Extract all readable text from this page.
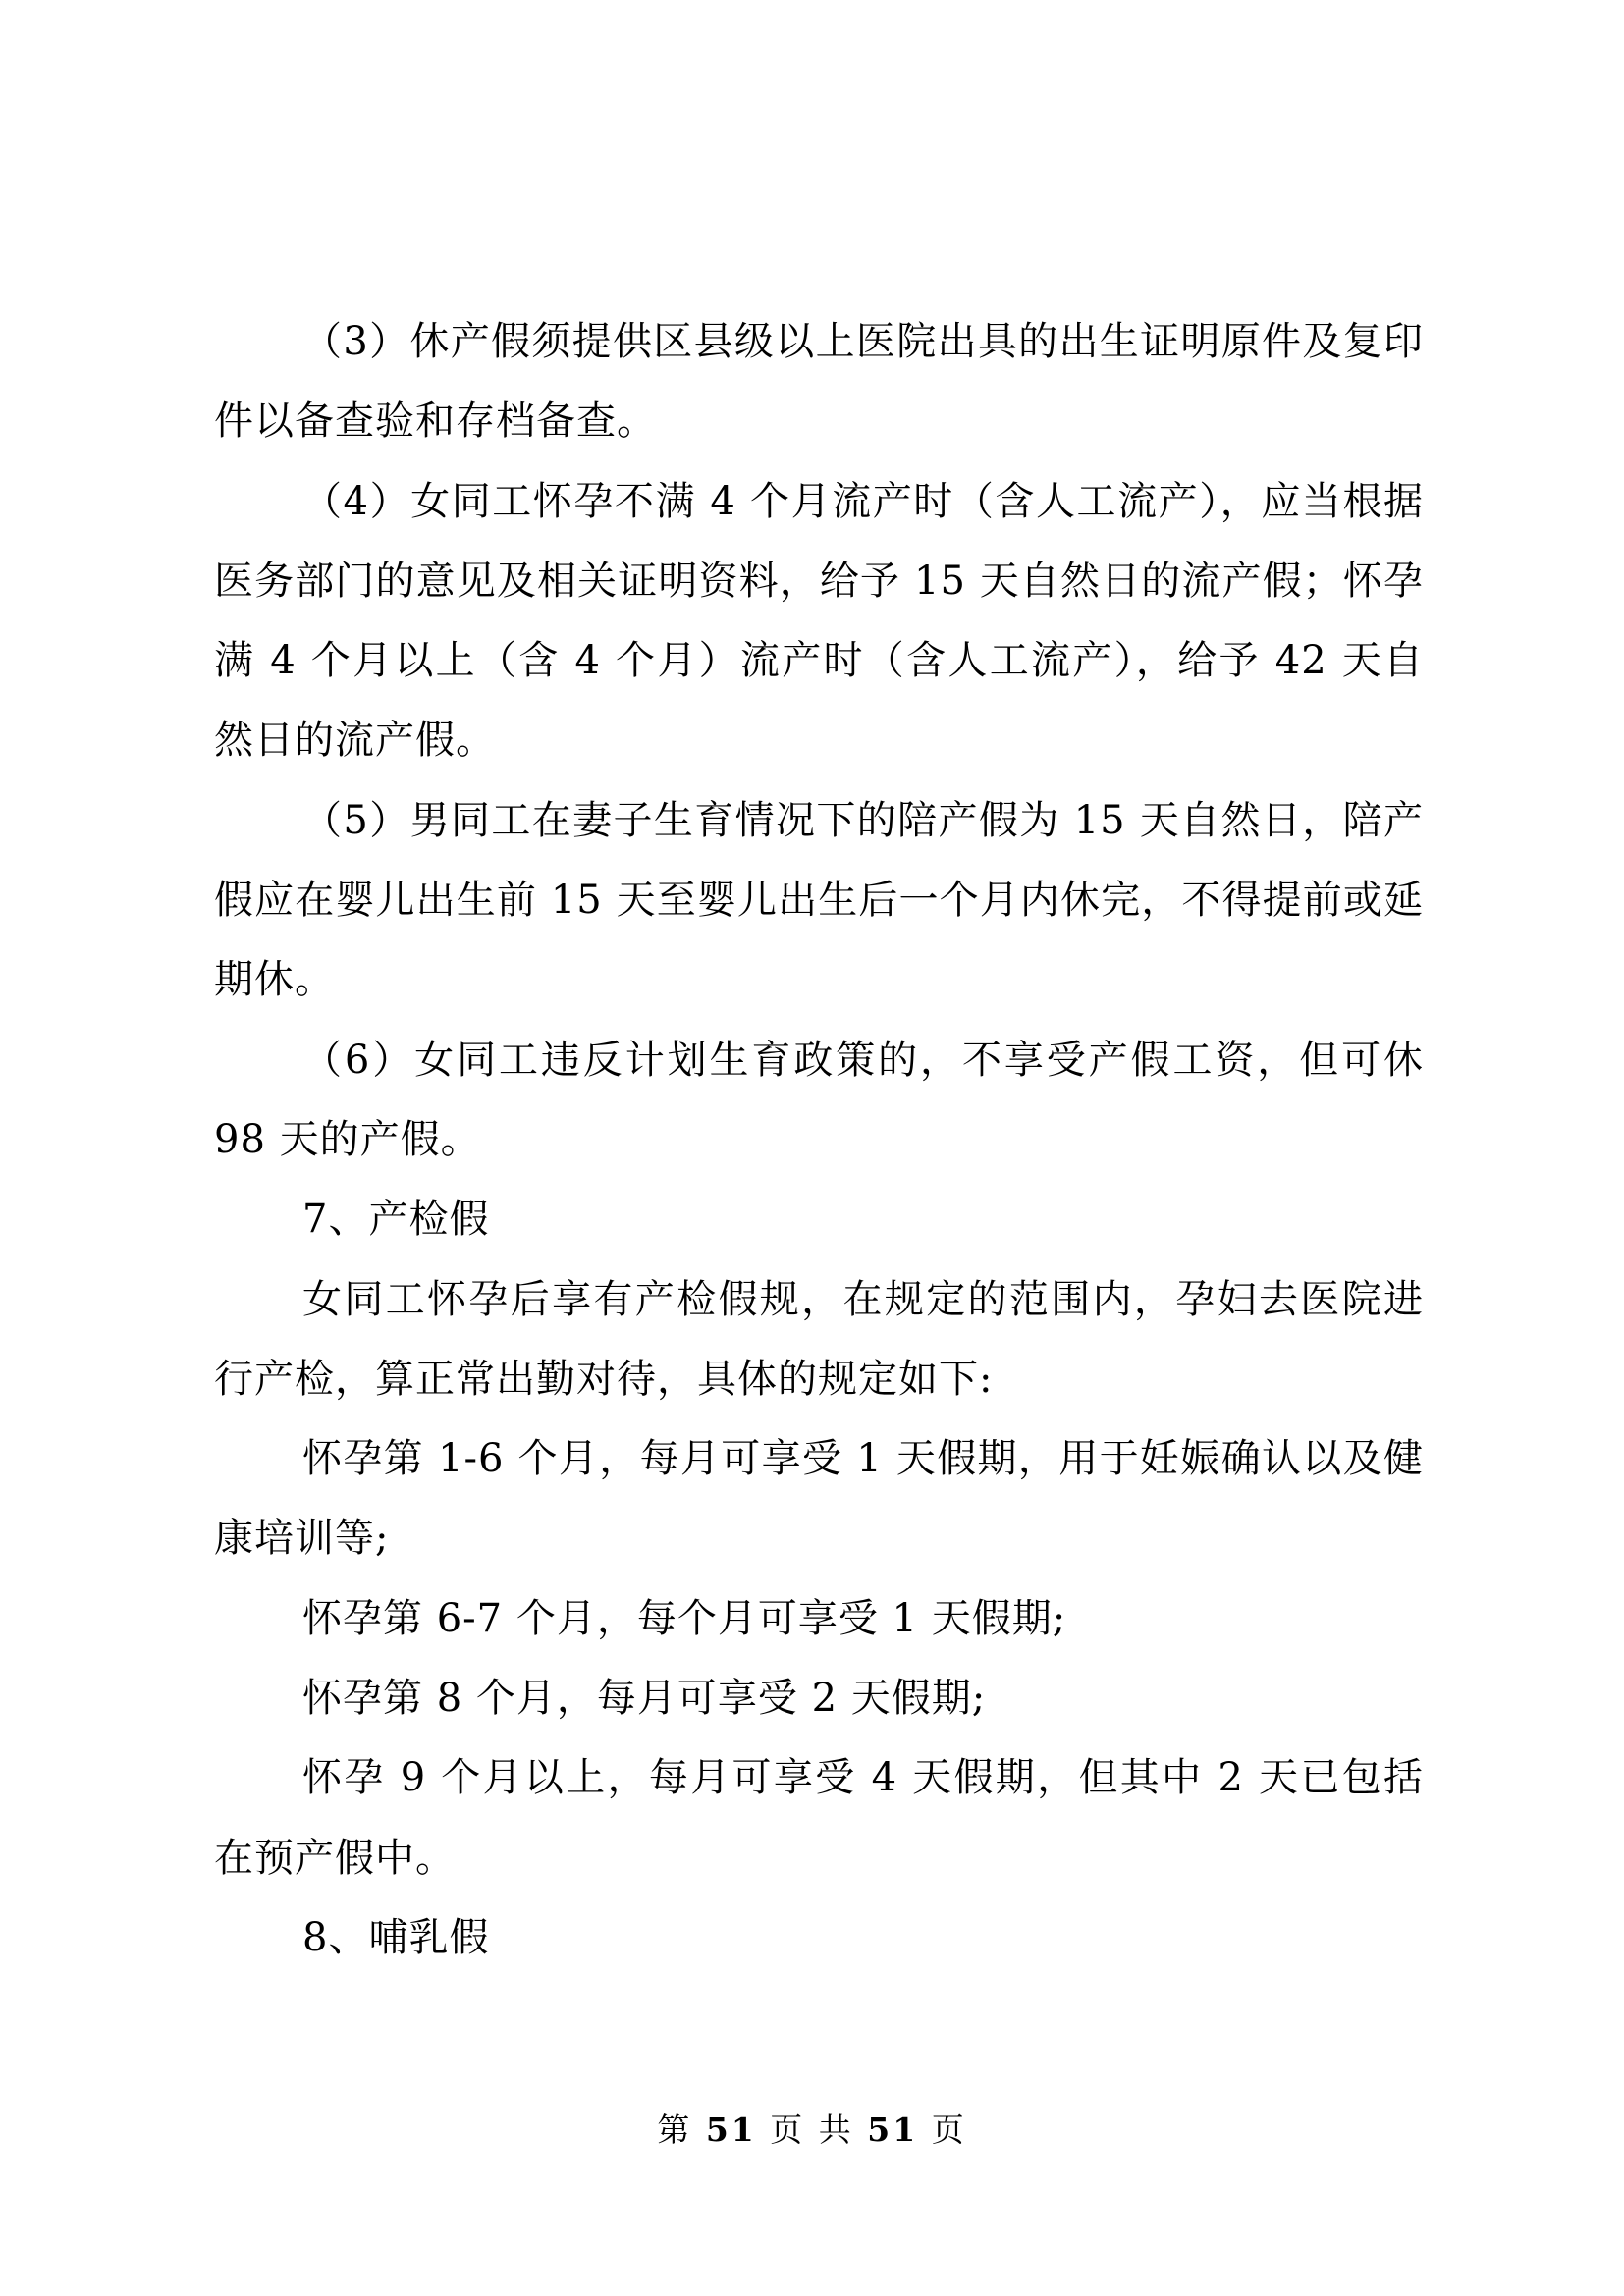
（3）休产假须提供区县级以上医院出具的出生证明原件及复印件以备查验和存档备查。

（4）女同工怀孕不满 4 个月流产时（含人工流产），应当根据医务部门的意见及相关证明资料，给予 15 天自然日的流产假；怀孕满 4 个月以上（含 4 个月）流产时（含人工流产），给予 42 天自然日的流产假。

（5）男同工在妻子生育情况下的陪产假为 15 天自然日，陪产假应在婴儿出生前 15 天至婴儿出生后一个月内休完，不得提前或延期休。

（6）女同工违反计划生育政策的，不享受产假工资，但可休 98 天的产假。

7、产检假

女同工怀孕后享有产检假规，在规定的范围内，孕妇去医院进行产检，算正常出勤对待，具体的规定如下:

怀孕第 1-6 个月，每月可享受 1 天假期，用于妊娠确认以及健康培训等;

怀孕第 6-7 个月，每个月可享受 1 天假期;

怀孕第 8 个月，每月可享受 2 天假期;

怀孕 9 个月以上，每月可享受 4 天假期，但其中 2 天已包括在预产假中。

8、哺乳假

第 51 页 共 51 页
